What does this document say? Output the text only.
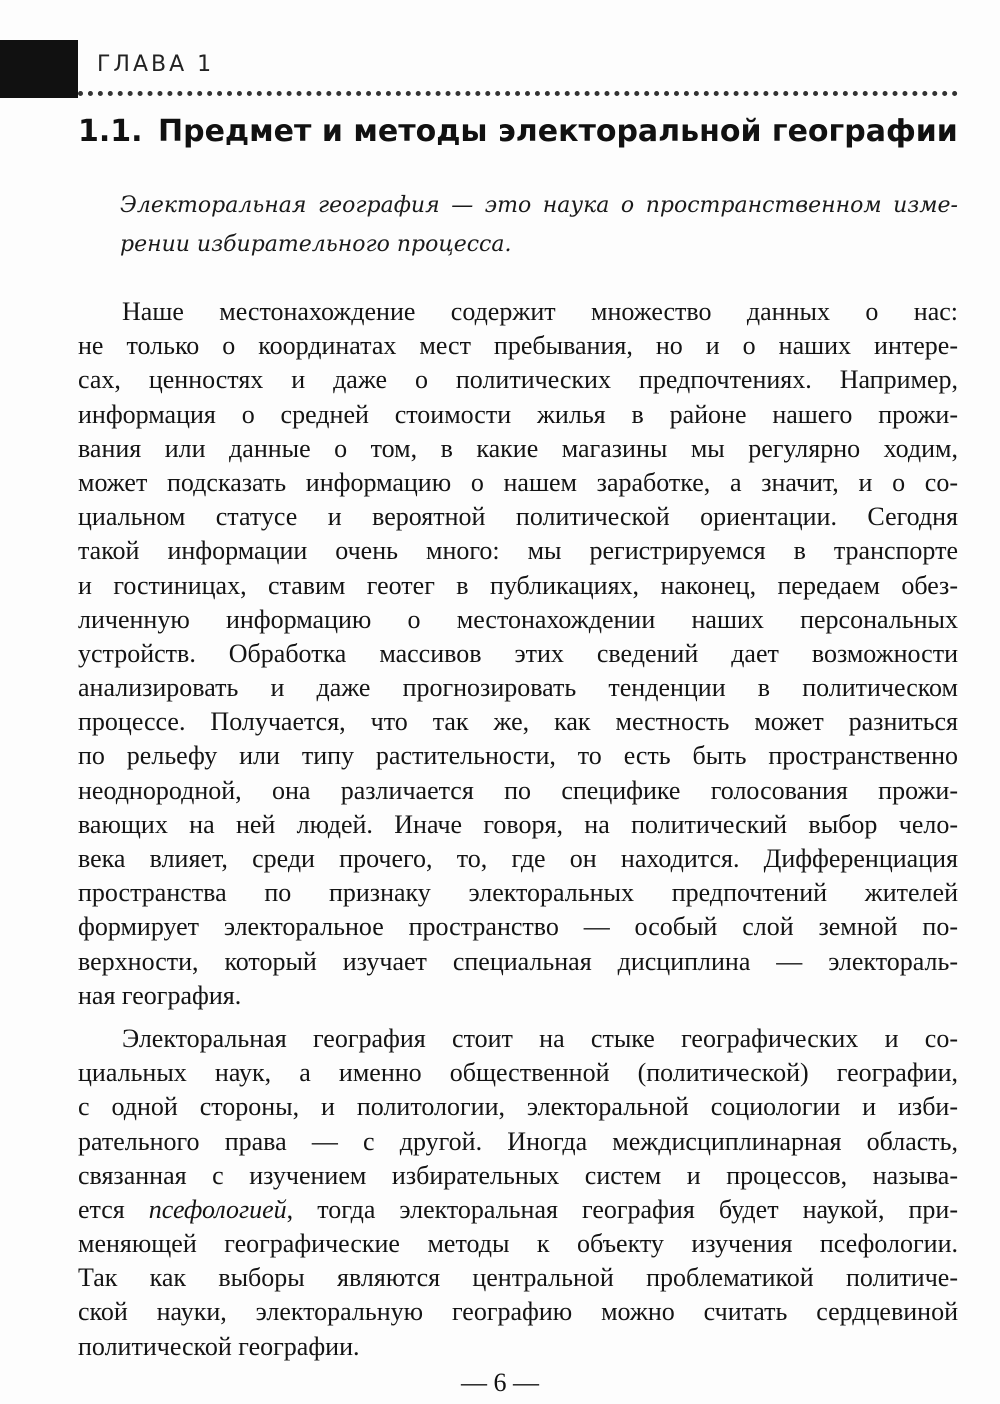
ГЛАВА 1
1.1. Предмет и методы электоральной географии
Электоральная география — это наука о пространственном изме-
рении избирательного процесса.
Наше местонахождение содержит множество данных о нас:
не только о координатах мест пребывания, но и о наших интере-
сах, ценностях и даже о политических предпочтениях. Например,
информация о средней стоимости жилья в районе нашего прожи-
вания или данные о том, в какие магазины мы регулярно ходим,
может подсказать информацию о нашем заработке, а значит, и о со-
циальном статусе и вероятной политической ориентации. Сегодня
такой информации очень много: мы регистрируемся в транспорте
и гостиницах, ставим геотег в публикациях, наконец, передаем обез-
личенную информацию о местонахождении наших персональных
устройств. Обработка массивов этих сведений дает возможности
анализировать и даже прогнозировать тенденции в политическом
процессе. Получается, что так же, как местность может разниться
по рельефу или типу растительности, то есть быть пространственно
неоднородной, она различается по специфике голосования прожи-
вающих на ней людей. Иначе говоря, на политический выбор чело-
века влияет, среди прочего, то, где он находится. Дифференциация
пространства по признаку электоральных предпочтений жителей
формирует электоральное пространство — особый слой земной по-
верхности, который изучает специальная дисциплина — электораль-
ная география.
Электоральная география стоит на стыке географических и со-
циальных наук, а именно общественной (политической) географии,
с одной стороны, и политологии, электоральной социологии и изби-
рательного права — с другой. Иногда междисциплинарная область,
связанная с изучением избирательных систем и процессов, называ-
ется псефологией, тогда электоральная география будет наукой, при-
меняющей географические методы к объекту изучения псефологии.
Так как выборы являются центральной проблематикой политиче-
ской науки, электоральную географию можно считать сердцевиной
политической географии.
— 6 —
